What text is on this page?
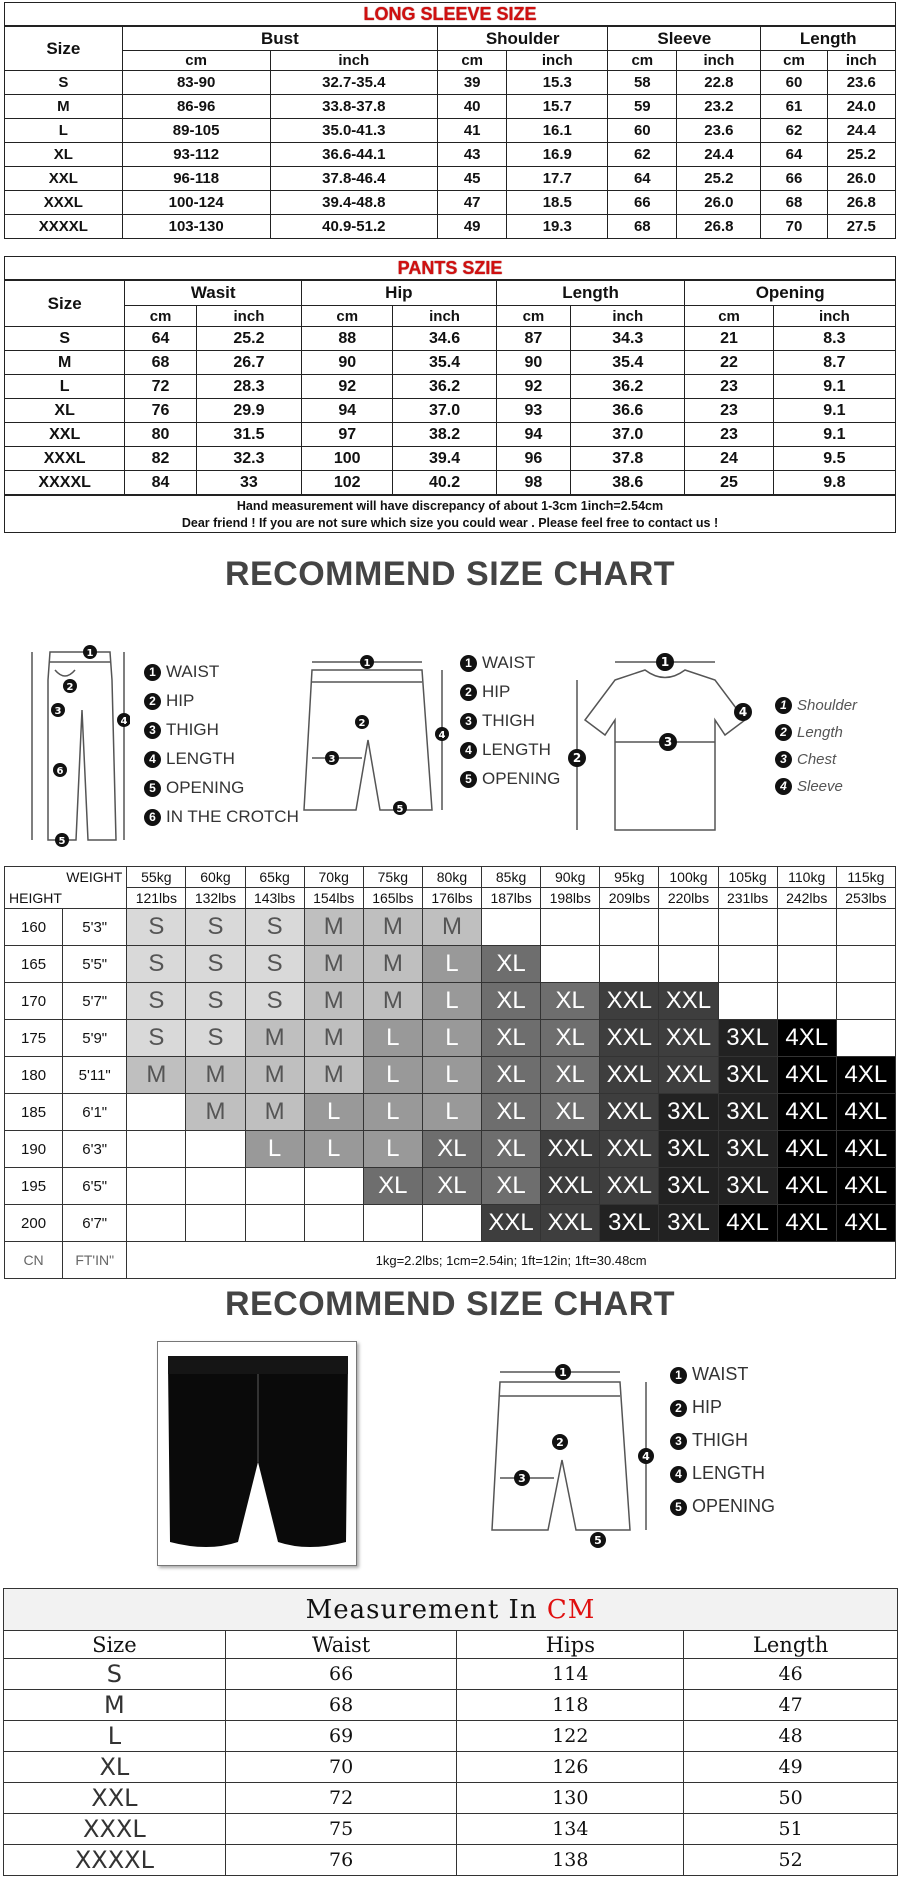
LONG SLEEVE SIZE
Size	Bust		Shoulder		Sleeve		Length	
	cm	inch	cm	inch	cm	inch	cm	inch
S	83-90	32.7-35.4	39	15.3	58	22.8	60	23.6
M	86-96	33.8-37.8	40	15.7	59	23.2	61	24.0
L	89-105	35.0-41.3	41	16.1	60	23.6	62	24.4
XL	93-112	36.6-44.1	43	16.9	62	24.4	64	25.2
XXL	96-118	37.8-46.4	45	17.7	64	25.2	66	26.0
XXXL	100-124	39.4-48.8	47	18.5	66	26.0	68	26.8
XXXXL	103-130	40.9-51.2	49	19.3	68	26.8	70	27.5
PANTS SZIE
Size	Wasit		Hip		Length		Opening	
	cm	inch	cm	inch	cm	inch	cm	inch
S	64	25.2	88	34.6	87	34.3	21	8.3
M	68	26.7	90	35.4	90	35.4	22	8.7
L	72	28.3	92	36.2	92	36.2	23	9.1
XL	76	29.9	94	37.0	93	36.6	23	9.1
XXL	80	31.5	97	38.2	94	37.0	23	9.1
XXXL	82	32.3	100	39.4	96	37.8	24	9.5
XXXXL	84	33	102	40.2	98	38.6	25	9.8
Hand measurement will have discrepancy of about 1-3cm 1inch=2.54cm
Dear friend ! If you are not sure which size you could wear . Please feel free to contact us !
RECOMMEND SIZE CHART
1
2
3
4
6
5
1 WAIST
2 HIP
3 THIGH
4 LENGTH
5 OPENING
6 IN THE CROTCH
1
2
3
4
5
1 WAIST
2 HIP
3 THIGH
4 LENGTH
5 OPENING
1
2
3
4	1 Shoulder
2 Length
3 Chest
4 Sleeve
WEIGHT		55kg	60kg	65kg	70kg	75kg	80kg	85kg	90kg	95kg	100kg	105kg	110kg	115kg
HEIGHT		121lbs	132lbs	143lbs	154lbs	165lbs	176lbs	187lbs	198lbs	209lbs	220lbs	231lbs	242lbs	253lbs
160	5'3"	S	S	S	M	M	M							
165	5'5"	S	S	S	M	M	L	XL						
170	5'7"	S	S	S	M	M	L	XL	XL	XXL	XXL			
175	5'9"	S	S	M	M	L	L	XL	XL	XXL	XXL	3XL	4XL	
180	5'11"	M	M	M	M	L	L	XL	XL	XXL	XXL	3XL	4XL	4XL
185	6'1"		M	M	L	L	L	XL	XL	XXL	3XL	3XL	4XL	4XL
190	6'3"			L	L	L	XL	XL	XXL	XXL	3XL	3XL	4XL	4XL
195	6'5"					XL	XL	XL	XXL	XXL	3XL	3XL	4XL	4XL
200	6'7"							XXL	XXL	3XL	3XL	4XL	4XL	4XL
CN	FT'IN"	1kg=2.2lbs; 1cm=2.54in; 1ft=12in; 1ft=30.48cm												
RECOMMEND SIZE CHART
1
2
3
4
5
1 WAIST
2 HIP
3 THIGH
4 LENGTH
5 OPENING
Measurement In CM			
Size	Waist	Hips	Length
S	66	114	46
M	68	118	47
L	69	122	48
XL	70	126	49
XXL	72	130	50
XXXL	75	134	51
XXXXL	76	138	52
